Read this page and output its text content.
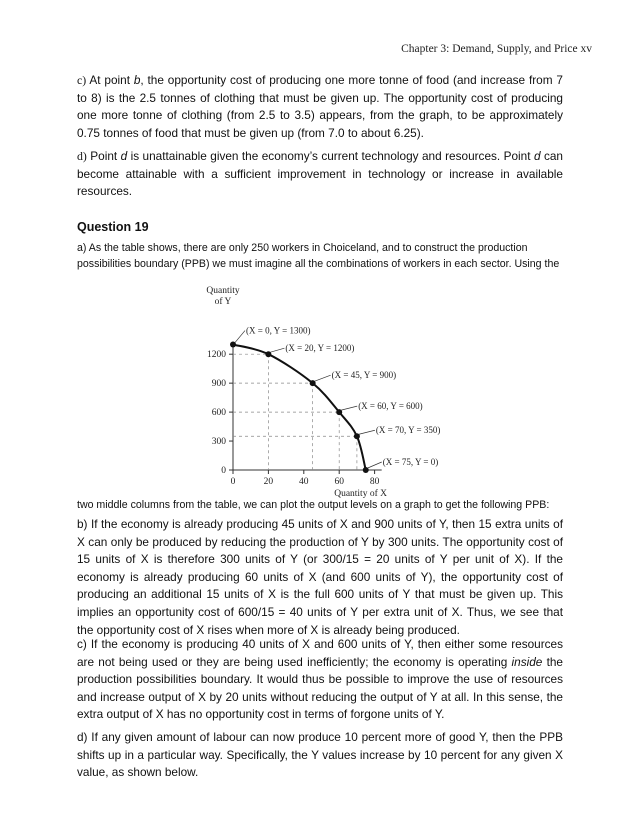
Chapter 3: Demand, Supply, and Price xv

c) At point b, the opportunity cost of producing one more tonne of food (and increase from 7 to 8) is the 2.5 tonnes of clothing that must be given up. The opportunity cost of producing one more tonne of clothing (from 2.5 to 3.5) appears, from the graph, to be approximately 0.75 tonnes of food that must be given up (from 7.0 to about 6.25).

d) Point d is unattainable given the economy’s current technology and resources. Point d can become attainable with a sufficient improvement in technology or increase in available resources.

Question 19

a) As the table shows, there are only 250 workers in Choiceland, and to construct the production possibilities boundary (PPB) we must imagine all the combinations of workers in each sector. Using the

Quantity
of Y
Quantity of X
0
300
600
900
1200
0	20	40	60	80
(X = 0, Y = 1300)
(X = 20, Y = 1200)
(X = 45, Y = 900)
(X = 60, Y = 600)
(X = 70, Y = 350)
(X = 75, Y = 0)

two middle columns from the table, we can plot the output levels on a graph to get the following PPB:

b) If the economy is already producing 45 units of X and 900 units of Y, then 15 extra units of X can only be produced by reducing the production of Y by 300 units. The opportunity cost of 15 units of X is therefore 300 units of Y (or 300/15 = 20 units of Y per unit of X). If the economy is already producing 60 units of X (and 600 units of Y), the opportunity cost of producing an additional 15 units of X is the full 600 units of Y that must be given up. This implies an opportunity cost of 600/15 = 40 units of Y per extra unit of X. Thus, we see that the opportunity cost of X rises when more of X is already being produced.

c) If the economy is producing 40 units of X and 600 units of Y, then either some resources are not being used or they are being used inefficiently; the economy is operating inside the production possibilities boundary. It would thus be possible to improve the use of resources and increase output of X by 20 units without reducing the output of Y at all. In this sense, the extra output of X has no opportunity cost in terms of forgone units of Y.

d) If any given amount of labour can now produce 10 percent more of good Y, then the PPB shifts up in a particular way. Specifically, the Y values increase by 10 percent for any given X value, as shown below.
